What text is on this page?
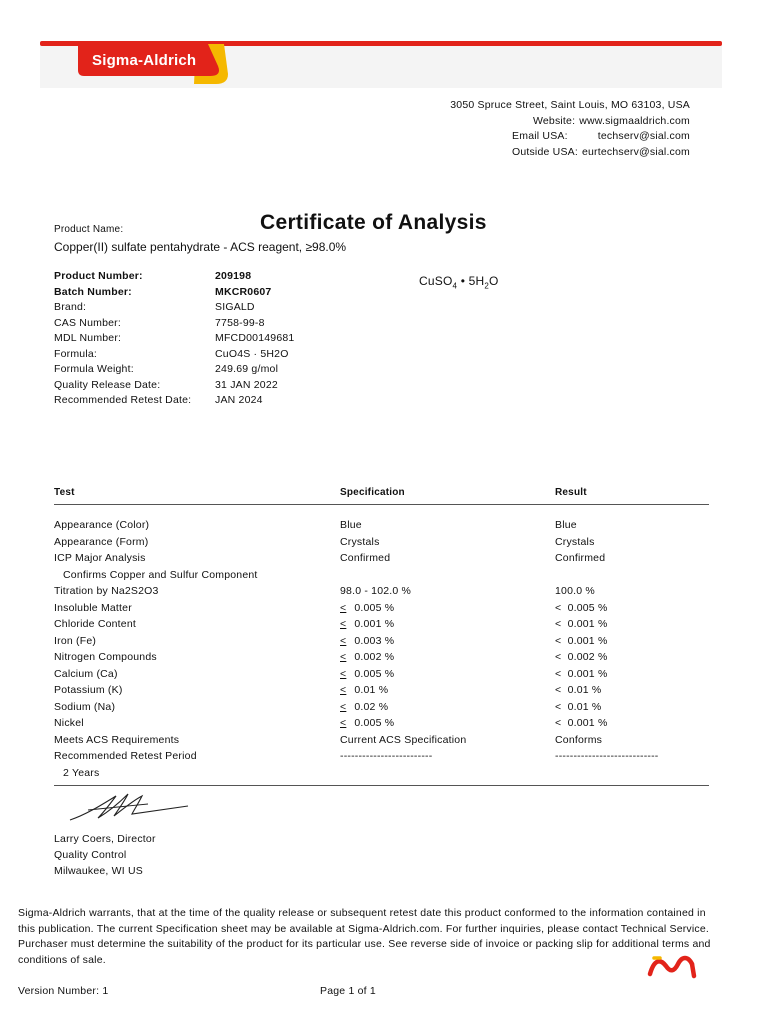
Sigma-Aldrich
3050 Spruce Street, Saint Louis, MO 63103, USA
Website: www.sigmaaldrich.com
Email USA:	techserv@sial.com
Outside USA: eurtechserv@sial.com
Product Name:	Certificate of Analysis
Copper(II) sulfate pentahydrate - ACS reagent, ≥98.0%
Product Number:	209198
Batch Number:	MKCR0607
Brand:	SIGALD
CAS Number:	7758-99-8
MDL Number:	MFCD00149681
Formula:	CuO4S · 5H2O
Formula Weight:	249.69 g/mol
Quality Release Date:	31 JAN 2022
Recommended Retest Date:	JAN 2024
CuSO$_4$ • $5H_2O$
Test	Specification	Result
Appearance (Color)	Blue	Blue
Appearance (Form)	Crystals	Crystals
ICP Major Analysis	Confirmed	Confirmed
Confirms Copper and Sulfur Component
Titration by Na2S2O3	98.0 - 102.0 %	100.0 %
Insoluble Matter	≤ 0.005 %	<  0.005 %
Chloride Content	≤ 0.001 %	<  0.001 %
Iron (Fe)	≤ 0.003 %	<  0.001 %
Nitrogen Compounds	≤ 0.002 %	<  0.002 %
Calcium (Ca)	≤ 0.005 %	<  0.001 %
Potassium (K)	≤ 0.01 %	<  0.01 %
Sodium (Na)	≤ 0.02 %	<  0.01 %
Nickel	≤ 0.005 %	<  0.001 %
Meets ACS Requirements	Current ACS Specification	Conforms
Recommended Retest Period	-------------------------	----------------------------
2 Years
Larry Coers, Director
Quality Control
Milwaukee, WI US
Sigma-Aldrich warrants, that at the time of the quality release or subsequent retest date this product conformed to the information contained in this publication. The current Specification sheet may be available at Sigma-Aldrich.com. For further inquiries, please contact Technical Service. Purchaser must determine the suitability of the product for its particular use. See reverse side of invoice or packing slip for additional terms and conditions of sale.
Version Number: 1	Page 1 of 1
